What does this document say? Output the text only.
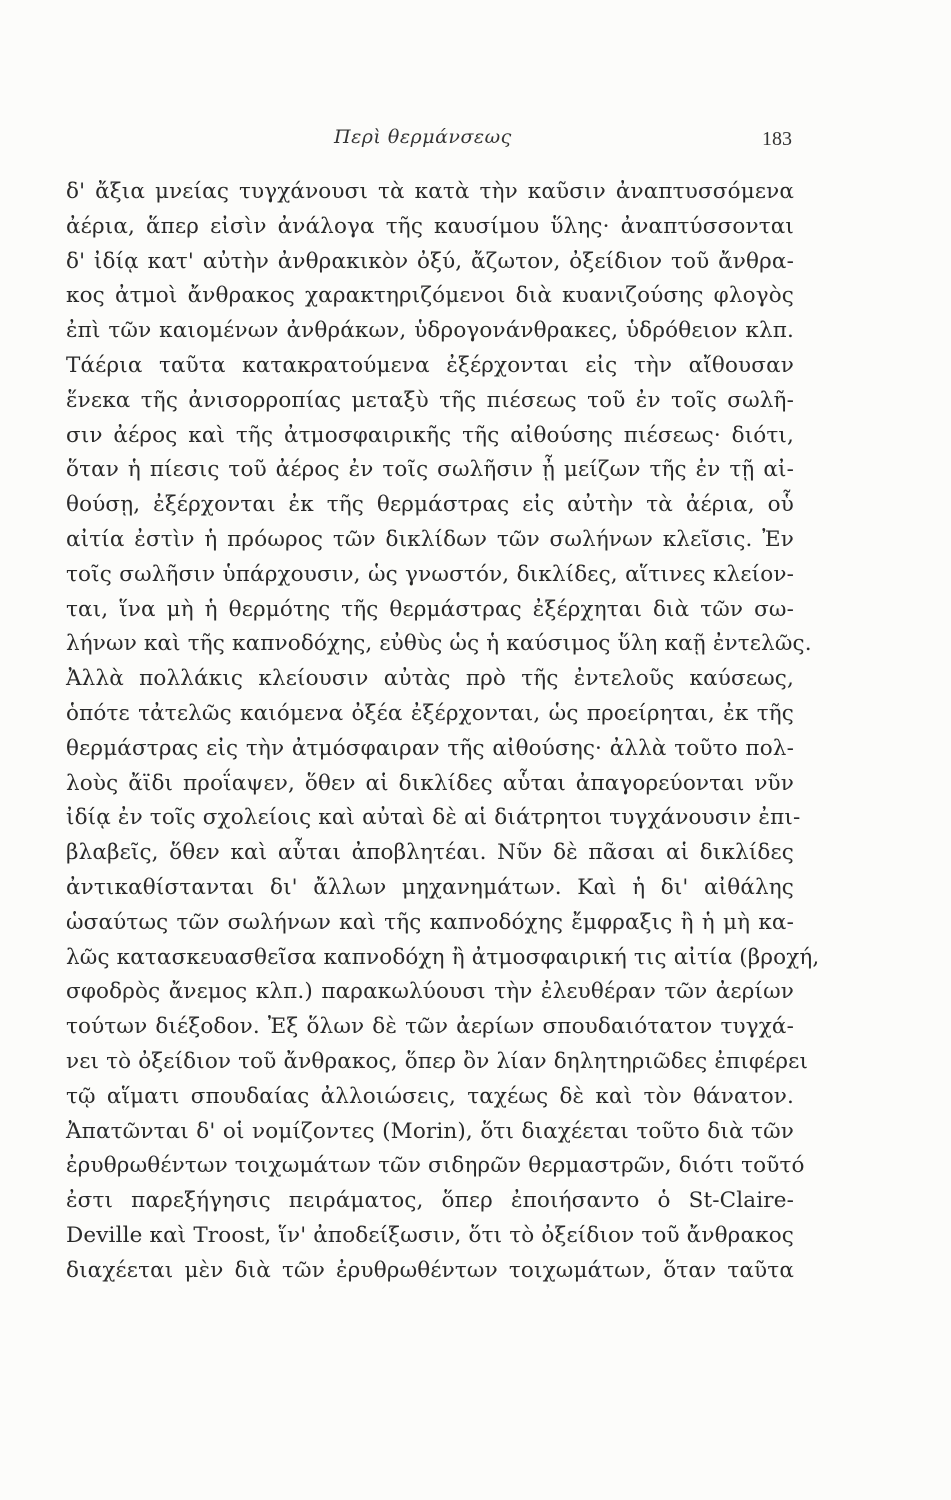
Περὶ θερμάνσεως	183
δ' ἄξια μνείας τυγχάνουσι τὰ κατὰ τὴν καῦσιν ἀναπτυσσόμενα
ἀέρια, ἅπερ εἰσὶν ἀνάλογα τῆς καυσίμου ὕλης· ἀναπτύσσονται
δ' ἰδίᾳ κατ' αὐτὴν ἀνθρακικὸν ὀξύ, ἄζωτον, ὀξείδιον τοῦ ἄνθρα-
κος ἀτμοὶ ἄνθρακος χαρακτηριζόμενοι διὰ κυανιζούσης φλογὸς
ἐπὶ τῶν καιομένων ἀνθράκων, ὑδρογονάνθρακες, ὑδρόθειον κλπ.
Τάέρια ταῦτα κατακρατούμενα ἐξέρχονται εἰς τὴν αἴθουσαν
ἕνεκα τῆς ἀνισορροπίας μεταξὺ τῆς πιέσεως τοῦ ἐν τοῖς σωλῆ-
σιν ἀέρος καὶ τῆς ἀτμοσφαιρικῆς τῆς αἰθούσης πιέσεως· διότι,
ὅταν ἡ πίεσις τοῦ ἀέρος ἐν τοῖς σωλῆσιν ᾖ μείζων τῆς ἐν τῇ αἰ-
θούσῃ, ἐξέρχονται ἐκ τῆς θερμάστρας εἰς αὐτὴν τὰ ἀέρια, οὗ
αἰτία ἐστὶν ἡ πρόωρος τῶν δικλίδων τῶν σωλήνων κλεῖσις. Ἐν
τοῖς σωλῆσιν ὑπάρχουσιν, ὡς γνωστόν, δικλίδες, αἵτινες κλείον-
ται, ἵνα μὴ ἡ θερμότης τῆς θερμάστρας ἐξέρχηται διὰ τῶν σω-
λήνων καὶ τῆς καπνοδόχης, εὐθὺς ὡς ἡ καύσιμος ὕλη καῇ ἐντελῶς.
Ἀλλὰ πολλάκις κλείουσιν αὐτὰς πρὸ τῆς ἐντελοῦς καύσεως,
ὁπότε τἀτελῶς καιόμενα ὀξέα ἐξέρχονται, ὡς προείρηται, ἐκ τῆς
θερμάστρας εἰς τὴν ἀτμόσφαιραν τῆς αἰθούσης· ἀλλὰ τοῦτο πολ-
λοὺς ἄϊδι προΐαψεν, ὅθεν αἱ δικλίδες αὗται ἀπαγορεύονται νῦν
ἰδίᾳ ἐν τοῖς σχολείοις καὶ αὐταὶ δὲ αἱ διάτρητοι τυγχάνουσιν ἐπι-
βλαβεῖς, ὅθεν καὶ αὗται ἀποβλητέαι. Νῦν δὲ πᾶσαι αἱ δικλίδες
ἀντικαθίστανται δι' ἄλλων μηχανημάτων. Καὶ ἡ δι' αἰθάλης
ὡσαύτως τῶν σωλήνων καὶ τῆς καπνοδόχης ἔμφραξις ἢ ἡ μὴ κα-
λῶς κατασκευασθεῖσα καπνοδόχη ἢ ἀτμοσφαιρική τις αἰτία (βροχή,
σφοδρὸς ἄνεμος κλπ.) παρακωλύουσι τὴν ἐλευθέραν τῶν ἀερίων
τούτων διέξοδον. Ἐξ ὅλων δὲ τῶν ἀερίων σπουδαιότατον τυγχά-
νει τὸ ὀξείδιον τοῦ ἄνθρακος, ὅπερ ὂν λίαν δηλητηριῶδες ἐπιφέρει
τῷ αἵματι σπουδαίας ἀλλοιώσεις, ταχέως δὲ καὶ τὸν θάνατον.
Ἀπατῶνται δ' οἱ νομίζοντες (Morin), ὅτι διαχέεται τοῦτο διὰ τῶν
ἐρυθρωθέντων τοιχωμάτων τῶν σιδηρῶν θερμαστρῶν, διότι τοῦτό
ἐστι παρεξήγησις πειράματος, ὅπερ ἐποιήσαντο ὁ St-Claire-
Deville καὶ Troost, ἵν' ἀποδείξωσιν, ὅτι τὸ ὀξείδιον τοῦ ἄνθρακος
διαχέεται μὲν διὰ τῶν ἐρυθρωθέντων τοιχωμάτων, ὅταν ταῦτα
